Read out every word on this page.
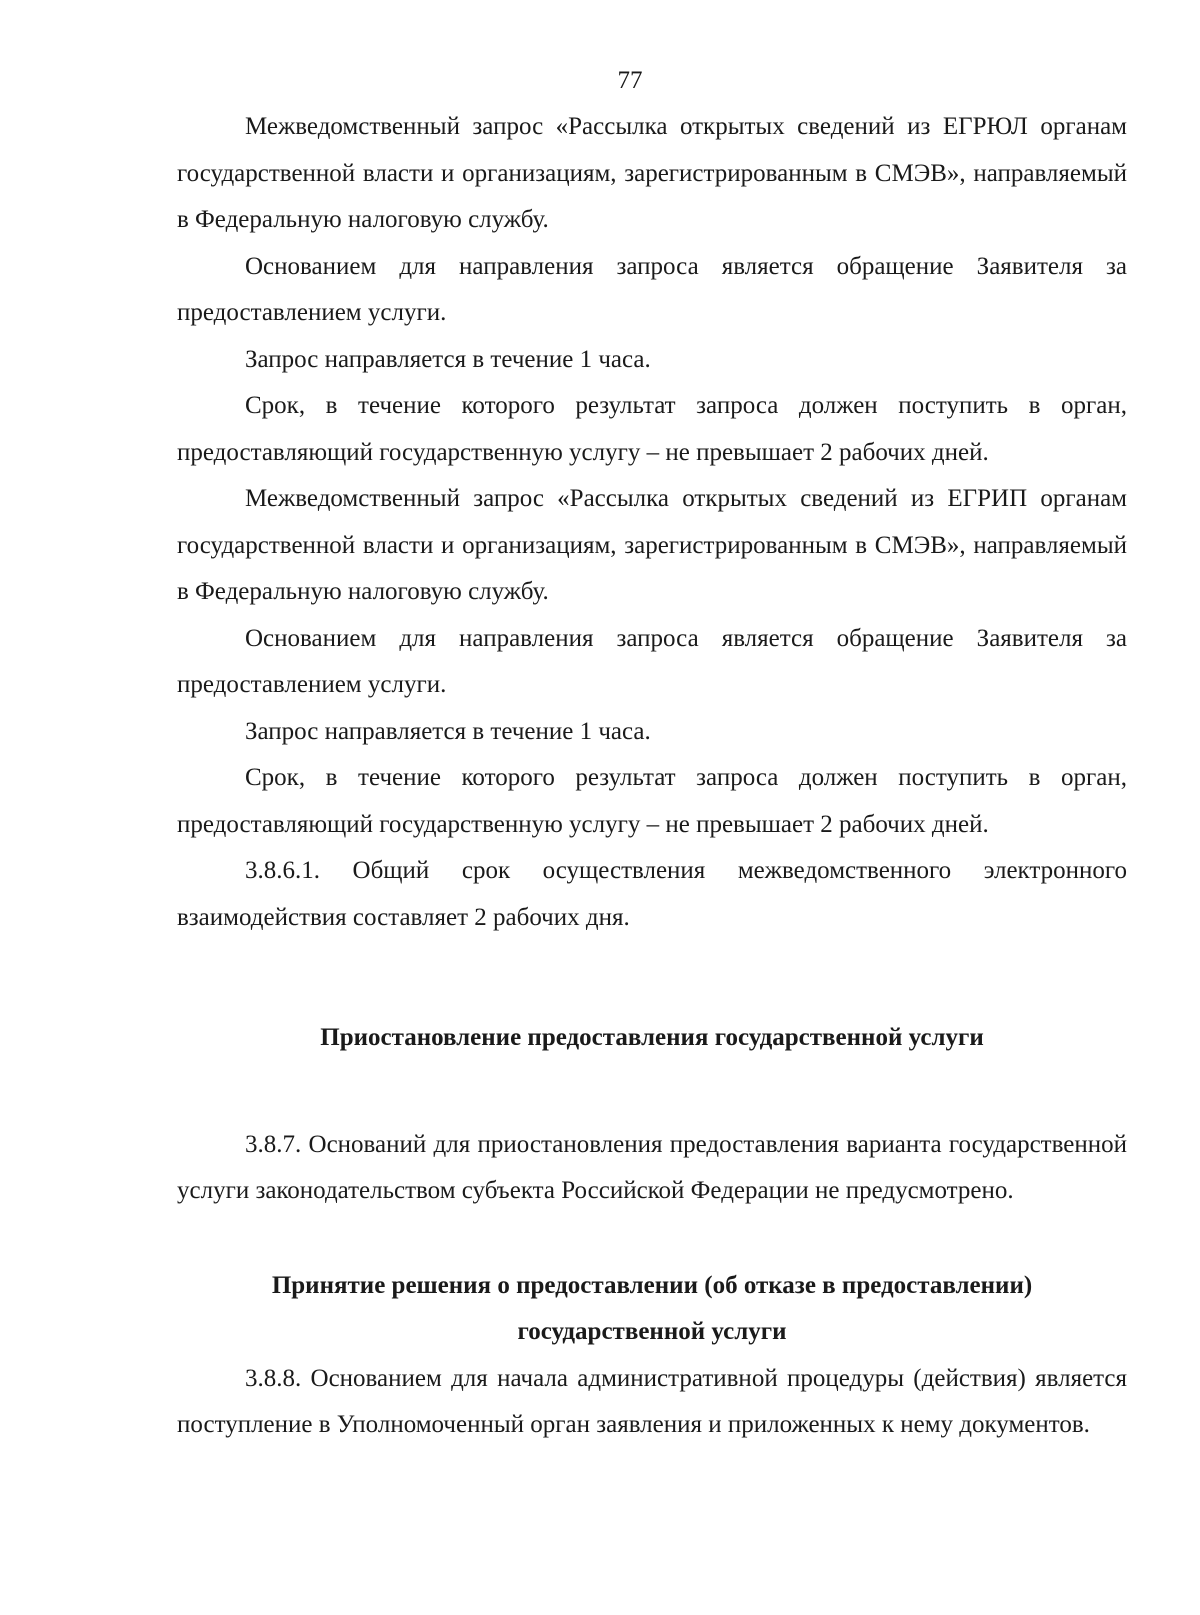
77

Межведомственный запрос «Рассылка открытых сведений из ЕГРЮЛ органам государственной власти и организациям, зарегистрированным в СМЭВ», направляемый в Федеральную налоговую службу.

Основанием для направления запроса является обращение Заявителя за предоставлением услуги.

Запрос направляется в течение 1 часа.

Срок, в течение которого результат запроса должен поступить в орган, предоставляющий государственную услугу – не превышает 2 рабочих дней.

Межведомственный запрос «Рассылка открытых сведений из ЕГРИП органам государственной власти и организациям, зарегистрированным в СМЭВ», направляемый в Федеральную налоговую службу.

Основанием для направления запроса является обращение Заявителя за предоставлением услуги.

Запрос направляется в течение 1 часа.

Срок, в течение которого результат запроса должен поступить в орган, предоставляющий государственную услугу – не превышает 2 рабочих дней.

3.8.6.1. Общий срок осуществления межведомственного электронного взаимодействия составляет 2 рабочих дня.

Приостановление предоставления государственной услуги

3.8.7. Оснований для приостановления предоставления варианта государственной услуги законодательством субъекта Российской Федерации не предусмотрено.

Принятие решения о предоставлении (об отказе в предоставлении)

государственной услуги

3.8.8. Основанием для начала административной процедуры (действия) является поступление в Уполномоченный орган заявления и приложенных к нему документов.
